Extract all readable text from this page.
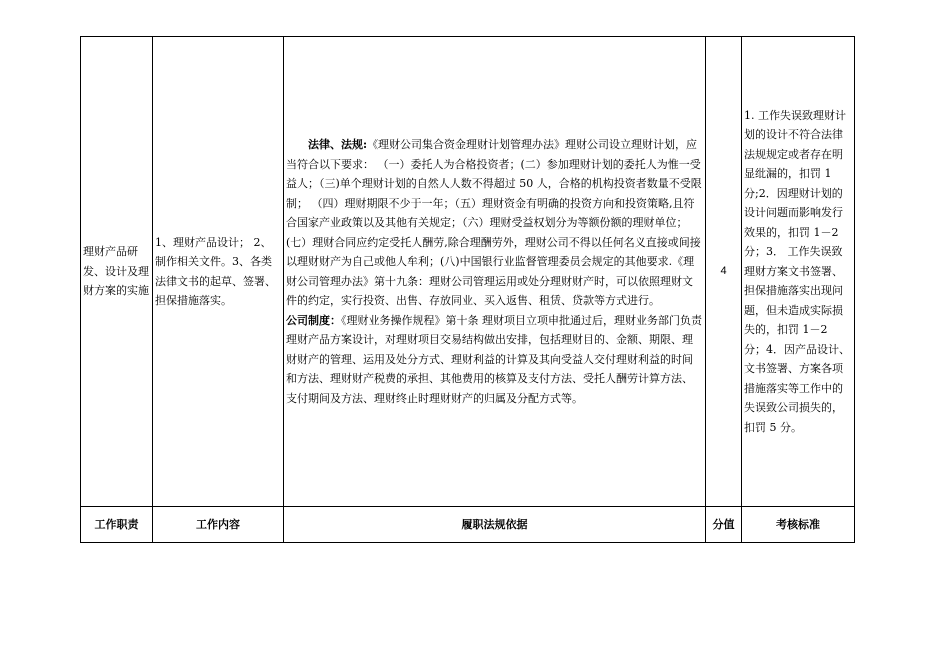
理财产品研发、设计及理财方案的实施	1、理财产品设计； 2、制作相关文件。3、各类法律文书的起草、签署、担保措施落实。	法律、法规:《理财公司集合资金理财计划管理办法》理财公司设立理财计划，应当符合以下要求： （一）委托人为合格投资者；(二）参加理财计划的委托人为惟一受益人；（三)单个理财计划的自然人人数不得超过 50 人，合格的机构投资者数量不受限制； （四）理财期限不少于一年；（五）理财资金有明确的投资方向和投资策略,且符合国家产业政策以及其他有关规定；（六）理财受益权划分为等额份额的理财单位； (七）理财合同应约定受托人酬劳,除合理酬劳外，理财公司不得以任何名义直接或间接以理财财产为自己或他人牟利；(八)中国银行业监督管理委员会规定的其他要求.《理财公司管理办法》第十九条：理财公司管理运用或处分理财财产时，可以依照理财文件的约定，实行投资、出售、存放同业、买入返售、租赁、贷款等方式进行。
公司制度：《理财业务操作规程》第十条 理财项目立项申批通过后，理财业务部门负责理财产品方案设计，对理财项目交易结构做出安排，包括理财目的、金额、期限、理财财产的管理、运用及处分方式、理财利益的计算及其向受益人交付理财利益的时间和方法、理财财产税费的承担、其他费用的核算及支付方法、受托人酬劳计算方法、支付期间及方法、理财终止时理财财产的归属及分配方式等。	4	1. 工作失误致理财计划的设计不符合法律法规规定或者存在明显纰漏的，扣罚 1 分;2．因理财计划的设计问题而影响发行效果的，扣罚 1－2 分；3． 工作失误致理财方案文书签署、担保措施落实出现问题，但未造成实际损失的，扣罚 1－2 分；4．因产品设计、文书签署、方案各项措施落实等工作中的失误致公司损失的，扣罚 5 分。
工作职责	工作内容	履职法规依据	分值	考核标准
